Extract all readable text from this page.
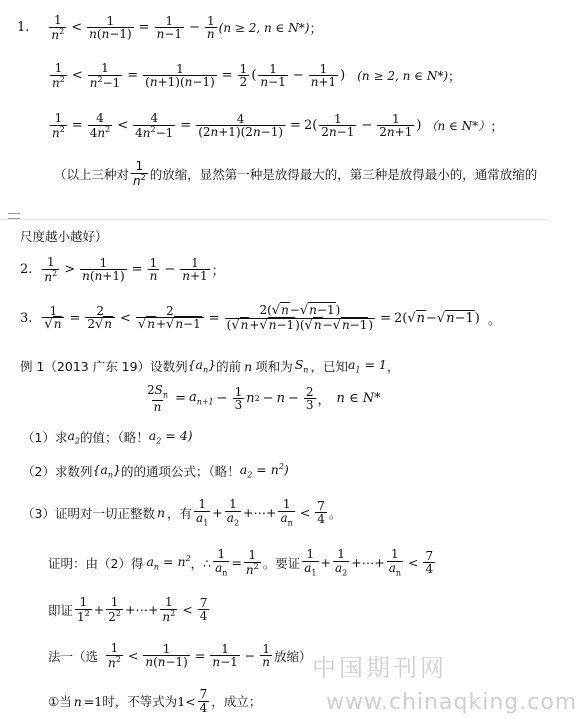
1. $\frac{1}{n^2} < \frac{1}{n(n-1)} = \frac{1}{n-1} - \frac{1}{n} (n \ge 2$, n ∈ N*) ；
$\frac{1}{n^2} < \frac{1}{n^2-1} = \frac{1}{(n+1)(n-1)} = \frac{1}{2}$ ( $\frac{1}{n-1} - \frac{1}{n+1}$ ) (n ≥ 2, n ∈ N*) ；
$\frac{1}{n^2} = \frac{4}{4n^2} < \frac{4}{4n^2-1} = \frac{4}{(2n+1)(2n-1)} = 2( \frac{1}{2n-1} - \frac{1}{2n+1}$ ) （n ∈ N*） ；
（以上三种对 $\frac{1}{n^2}$ 的放缩，显然第一种是放得最大的，第三种是放得最小的，通常放缩的
尺度越小越好）
2. $\frac{1}{n^2} > \frac{1}{n(n+1)} = \frac{1}{n} - \frac{1}{n+1}$ ；
3. $\frac{1}{√n} = \frac{2}{2√n} < \frac{2}{√n+√n-1} = \frac{2(√n-√n-1)}{(√n+√n-1)(√n-√n-1)} = 2(√n-√n-1)$ 。
例 1（2013 广东 19）设数列 $\{a_n\}$ 的前 n 项和为 $S_n$ ，已知 $a_1 = 1$ ，
$\frac{2S_n}{n} = a_{n+1} - \frac{1}{3}$ n $2 - n - \frac{2}{3}$ ， n ∈ N*
（1）求 $a_2$ 的值；（略！ $a_2 = 4$)
（2）求数列 $\{a_n\}$ 的的通项公式；（略！ $a_2 = n^2$)
（3）证明对一切正整数 n ，有 $\frac{1}{a_1} + \frac{1}{a_2}$ +⋯+ $\frac{1}{a_n} < \frac{7}{4}$ 。
证明：由（2）得 $a_n = n^2$ ，∴ $\frac{1}{a_n} = \frac{1}{n^2}$ 。要证 $\frac{1}{a_1} + \frac{1}{a_2}$ +⋯+ $\frac{1}{a_n} < \frac{7}{4}$
即证 $\frac{1}{1^2} + \frac{1}{2^2}$ +⋯+ $\frac{1}{n^2} < \frac{7}{4}$
法一（选 $\frac{1}{n^2} < \frac{1}{n(n-1)} = \frac{1}{n-1} - \frac{1}{n}$ 放缩）
①当 n =1 时，不等式为 $1< \frac{7}{4}$ ，成立；
中国期刊网
www.chinaqking.com
